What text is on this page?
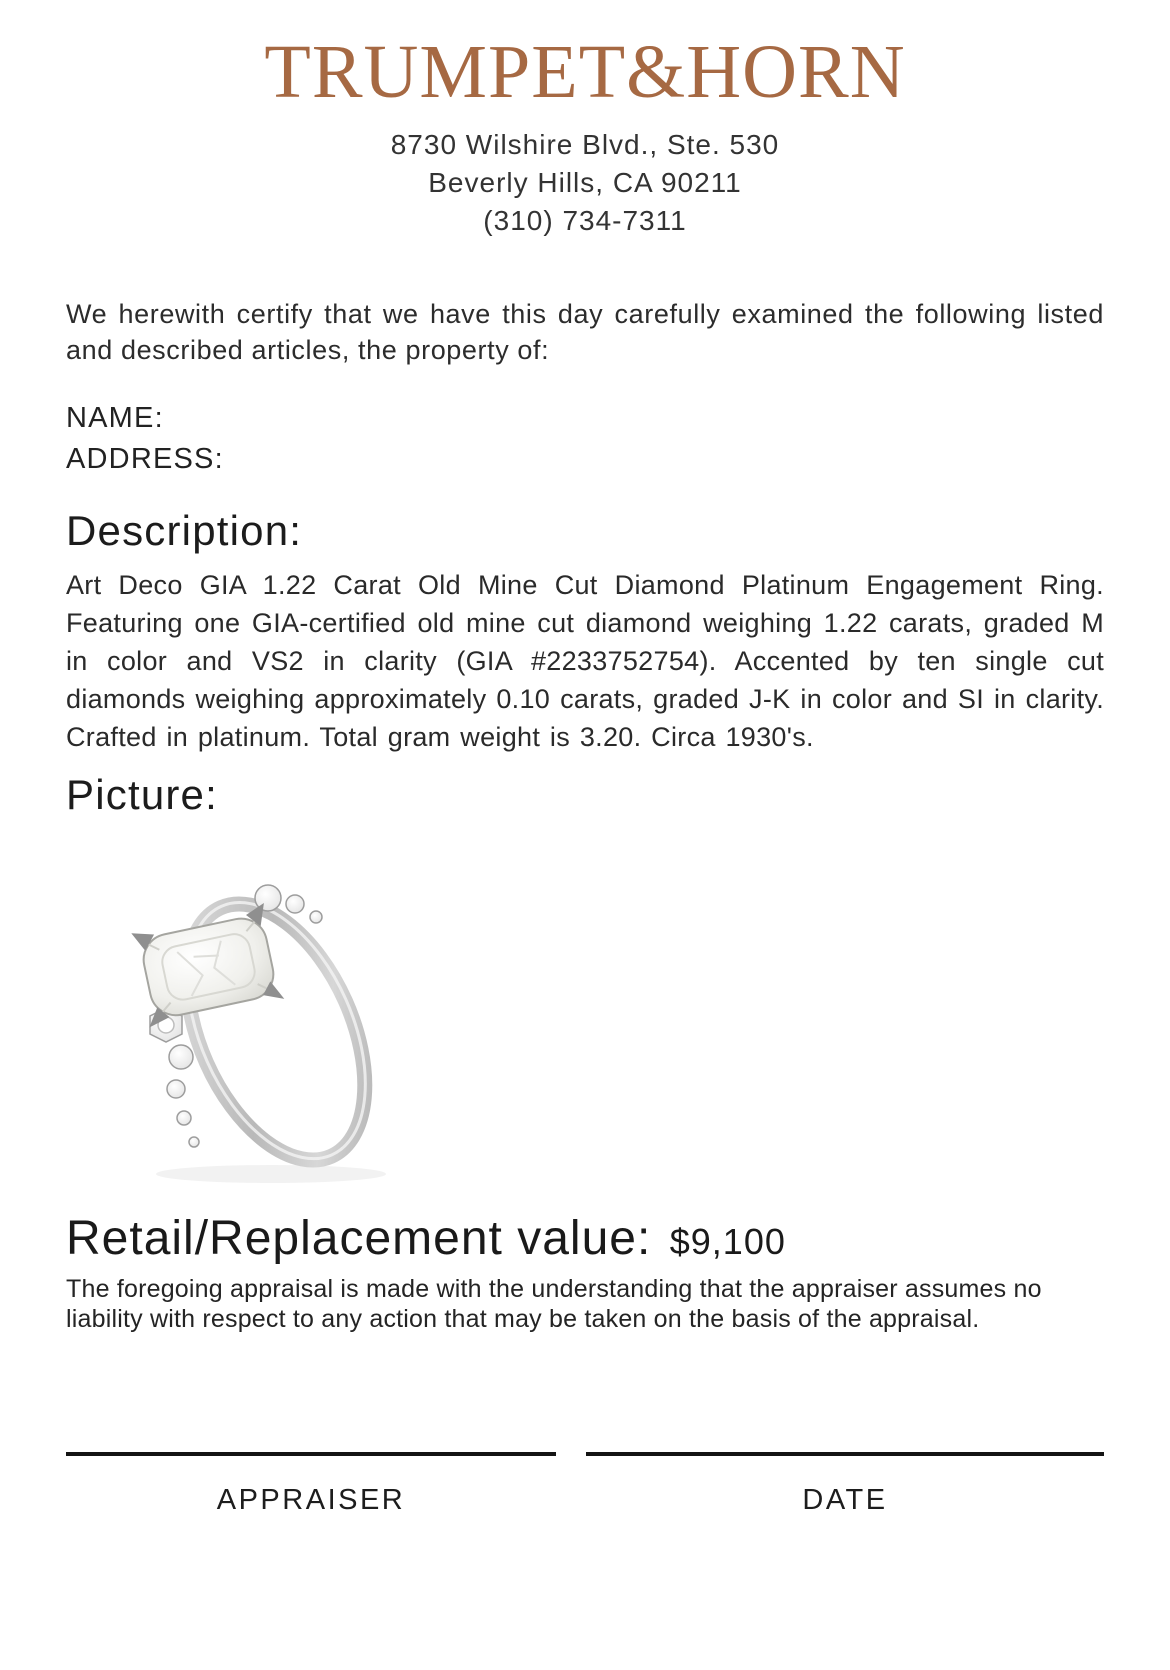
TRUMPET&HORN
8730 Wilshire Blvd., Ste. 530
Beverly Hills, CA 90211
(310) 734-7311

We herewith certify that we have this day carefully examined the following listed and described articles, the property of:

NAME:
ADDRESS:
Description:

Art Deco GIA 1.22 Carat Old Mine Cut Diamond Platinum Engagement Ring. Featuring one GIA-certified old mine cut diamond weighing 1.22 carats, graded M in color and VS2 in clarity (GIA #2233752754). Accented by ten single cut diamonds weighing approximately 0.10 carats, graded J-K in color and SI in clarity. Crafted in platinum. Total gram weight is 3.20. Circa 1930's.

Picture:
Retail/Replacement value: $9,100

The foregoing appraisal is made with the understanding that the appraiser assumes no liability with respect to any action that may be taken on the basis of the appraisal.

APPRAISER	DATE
